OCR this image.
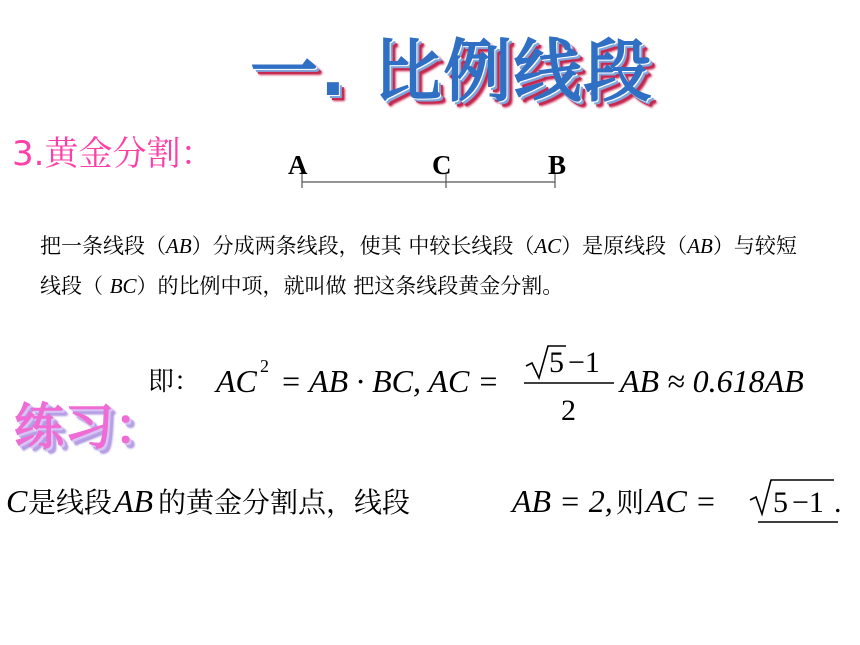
一. 比例线段
3.黄金分割：	A	C	B
把一条线段（AB）分成两条线段，使其 中较长线段（AC）是原线段（AB）与较短线段（ BC）的比例中项，就叫做 把这条线段黄金分割。
即： AC 2 = AB · BC, AC =
5 −1
2
AB ≈ 0.618AB
练习：
C 是线段 AB 的黄金分割点，线段	AB = 2, 则 AC = 5 −1 .
